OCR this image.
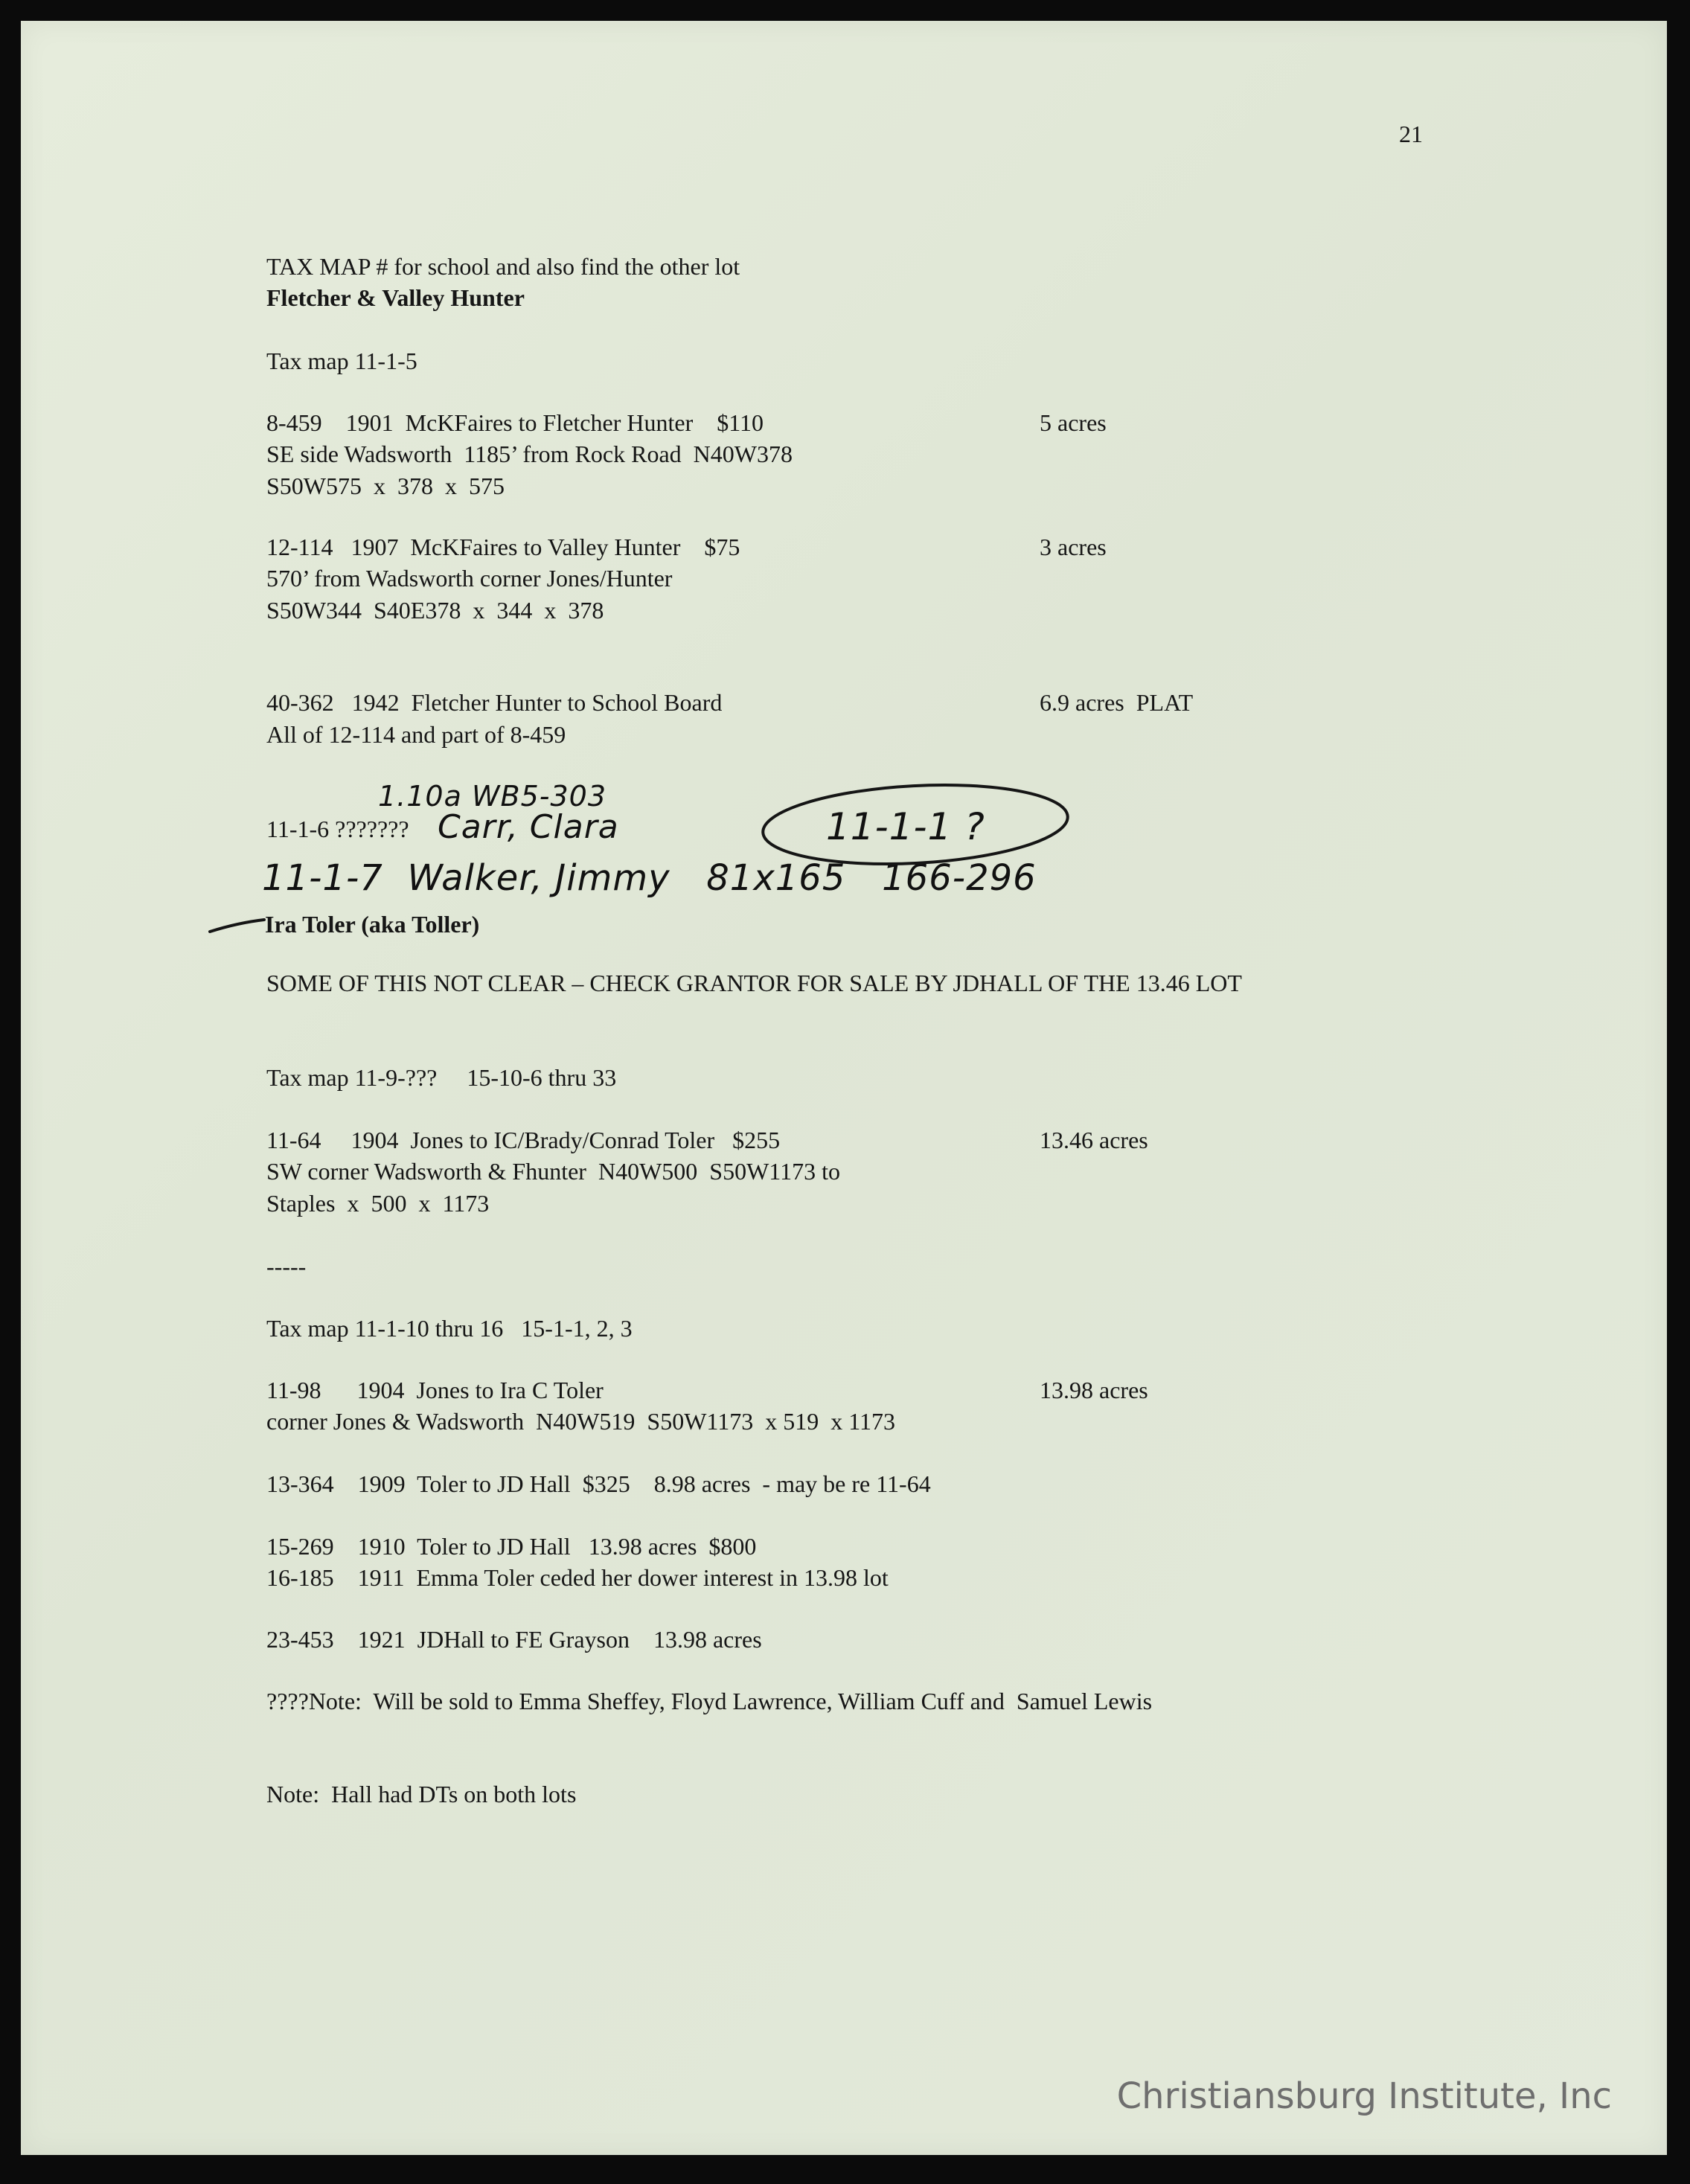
21
TAX MAP # for school and also find the other lot
Fletcher & Valley Hunter
Tax map 11-1-5
8-459    1901  McKFaires to Fletcher Hunter    $110
SE side Wadsworth  1185’ from Rock Road  N40W378
S50W575  x  378  x  575
5 acres
12-114   1907  McKFaires to Valley Hunter    $75
570’ from Wadsworth corner Jones/Hunter
S50W344  S40E378  x  344  x  378
3 acres
40-362   1942  Fletcher Hunter to School Board
All of 12-114 and part of 8-459
6.9 acres  PLAT
1.10a WB5-303
11-1-6 ??????? Carr, Clara	11-1-1 ?
11-1-7  Walker, Jimmy   81x165   166-296
Ira Toler (aka Toller)
SOME OF THIS NOT CLEAR – CHECK GRANTOR FOR SALE BY JDHALL OF THE 13.46 LOT
Tax map 11-9-???     15-10-6 thru 33
11-64     1904  Jones to IC/Brady/Conrad Toler   $255
SW corner Wadsworth & Fhunter  N40W500  S50W1173 to
Staples  x  500  x  1173
13.46 acres
-----
Tax map 11-1-10 thru 16   15-1-1, 2, 3
11-98      1904  Jones to Ira C Toler
corner Jones & Wadsworth  N40W519  S50W1173  x 519  x 1173
13.98 acres
13-364    1909  Toler to JD Hall  $325    8.98 acres  - may be re 11-64
15-269    1910  Toler to JD Hall   13.98 acres  $800
16-185    1911  Emma Toler ceded her dower interest in 13.98 lot
23-453    1921  JDHall to FE Grayson    13.98 acres
????Note:  Will be sold to Emma Sheffey, Floyd Lawrence, William Cuff and  Samuel Lewis
Note:  Hall had DTs on both lots
Christiansburg Institute, Inc
